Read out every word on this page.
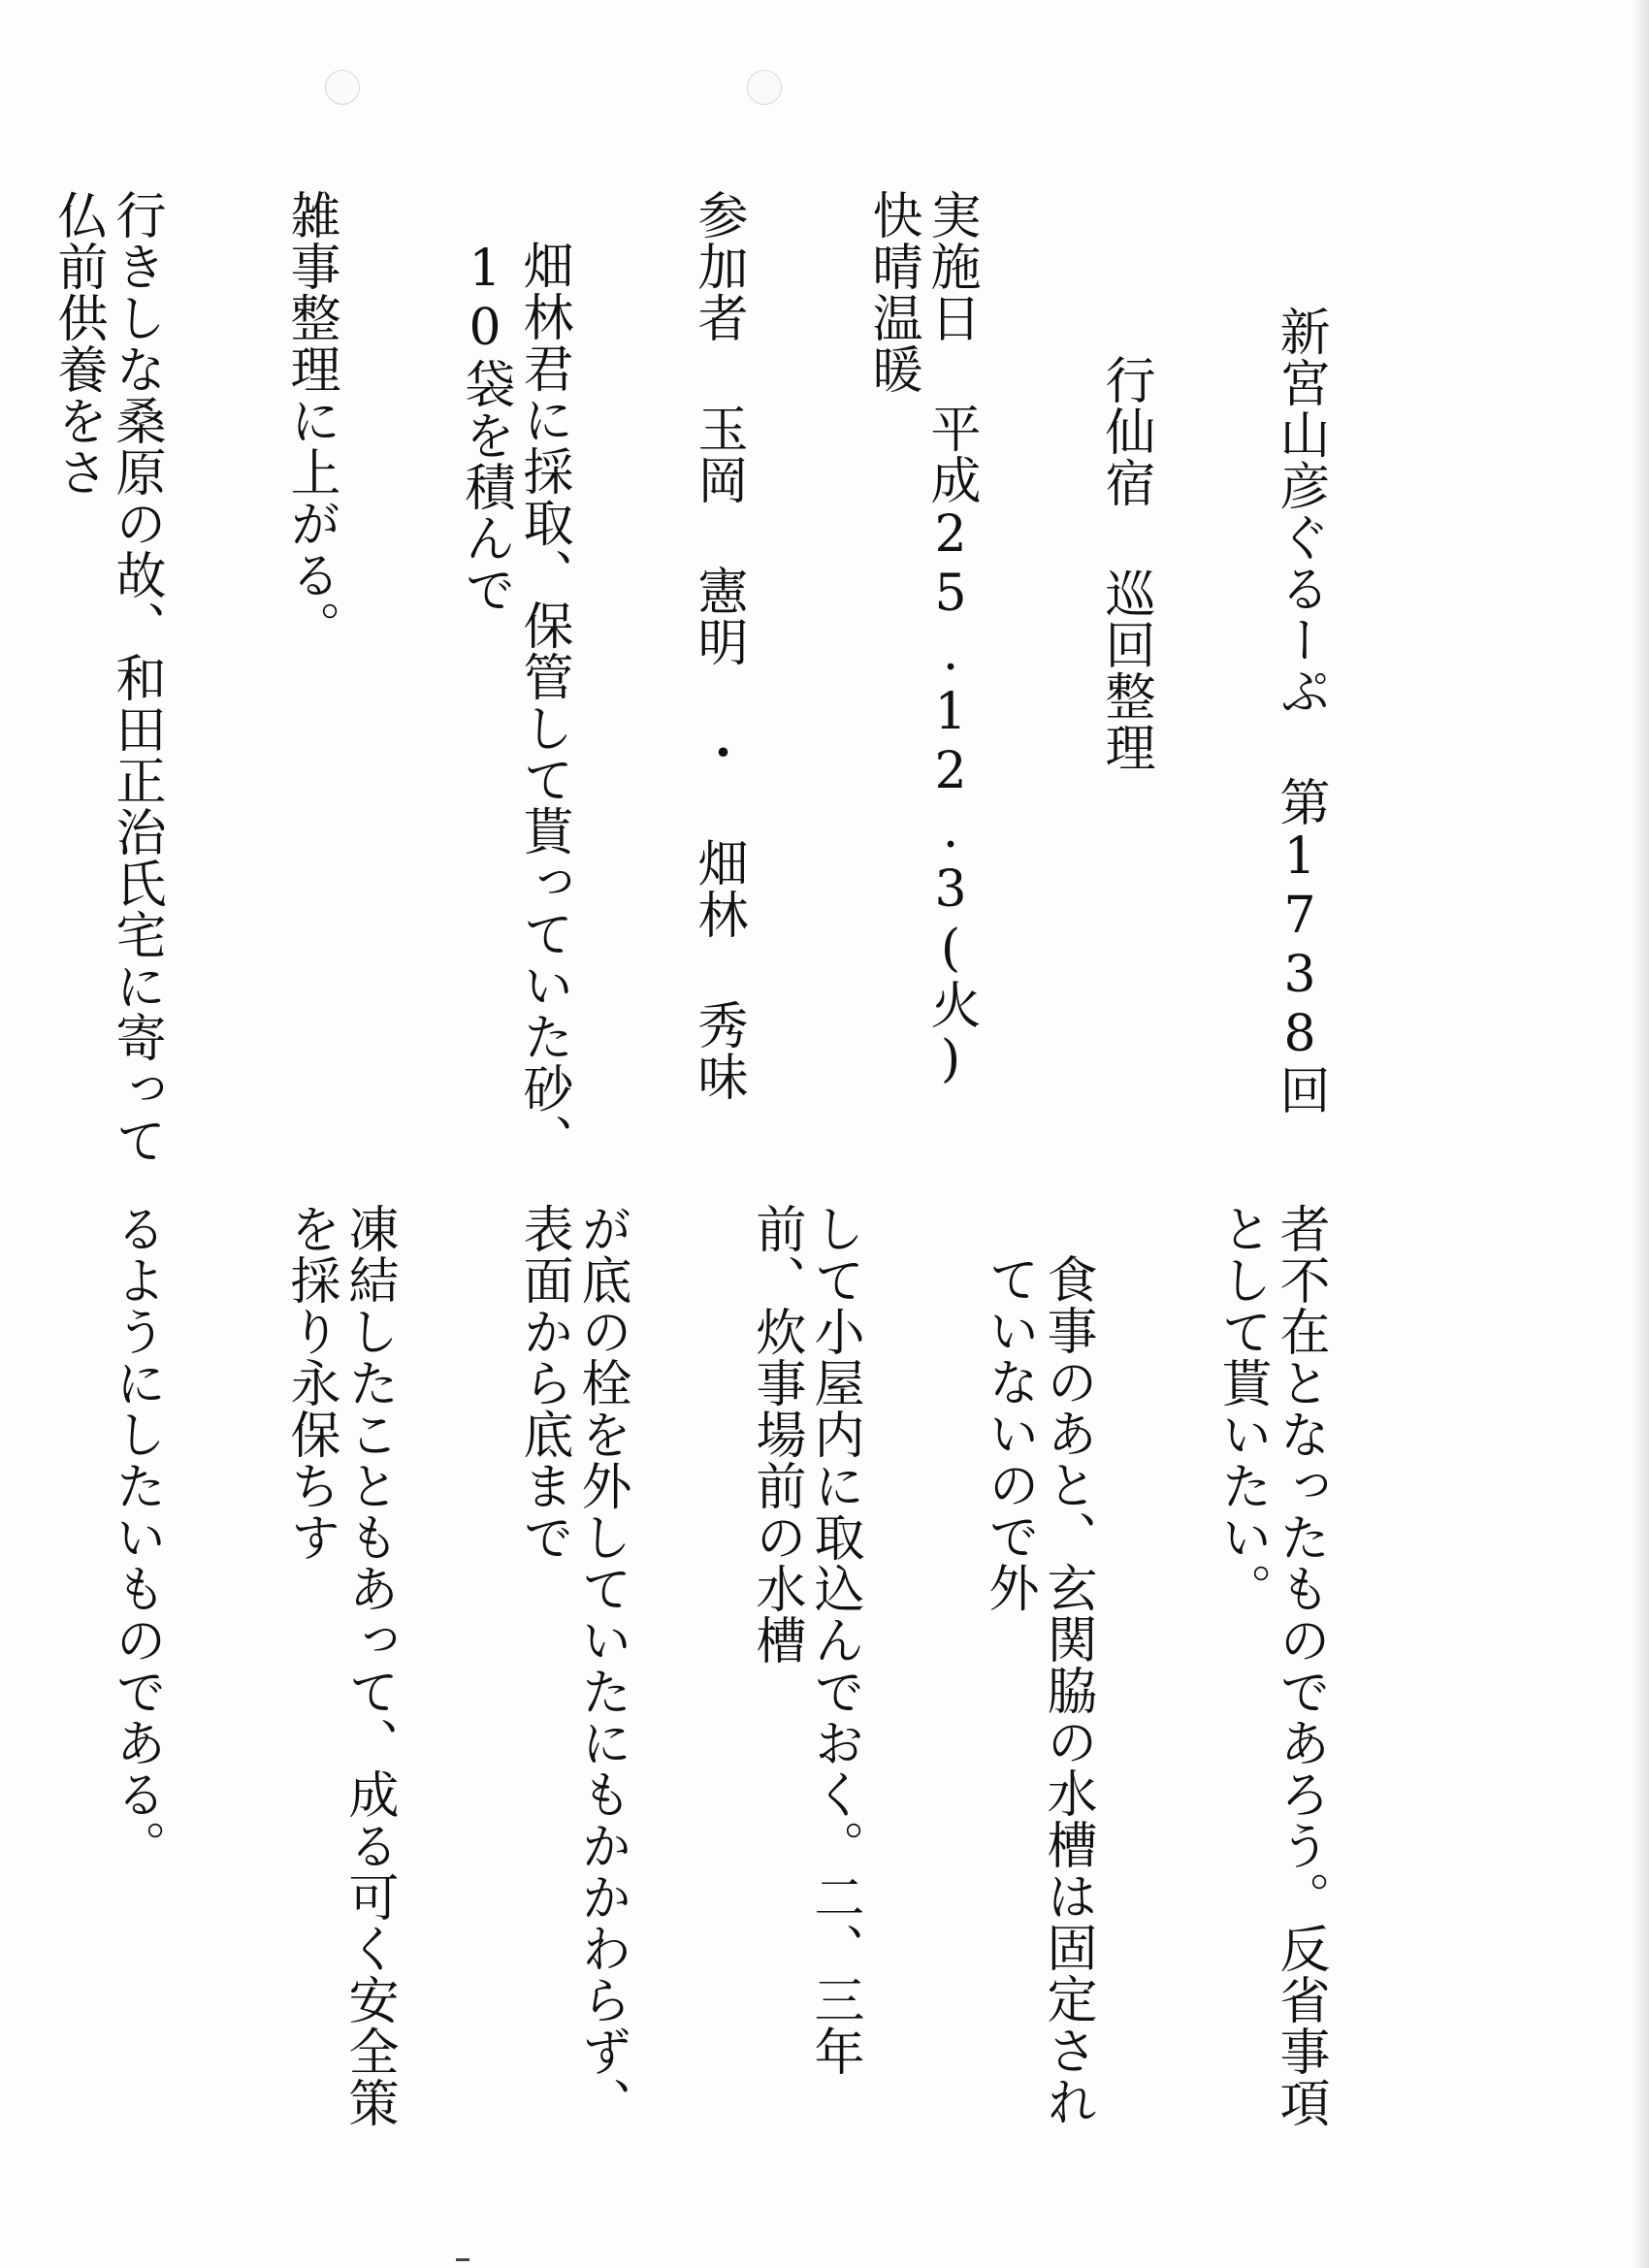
新宮山彦ぐるーぷ 第1738回

行仙宿 巡回整理

実施日 平成25.12.3(火) 快晴温暖

参加者 玉岡 憲明 ・ 畑林 秀味

畑林君に採取、保管して貰っていた砂、10袋を積んで

雑事整理に上がる。

行きしな桑原の故、和田正治氏宅に寄って仏前供養をさ

者不在となったものであろう。反省事項として貰いたい。

食事のあと、玄関脇の水槽は固定されていないので外

して小屋内に取込んでおく。二、三年前、炊事場前の水槽

が底の栓を外していたにもかかわらず、表面から底まで

凍結したこともあって、成る可く安全策を採り永保ちす

るようにしたいものである。
